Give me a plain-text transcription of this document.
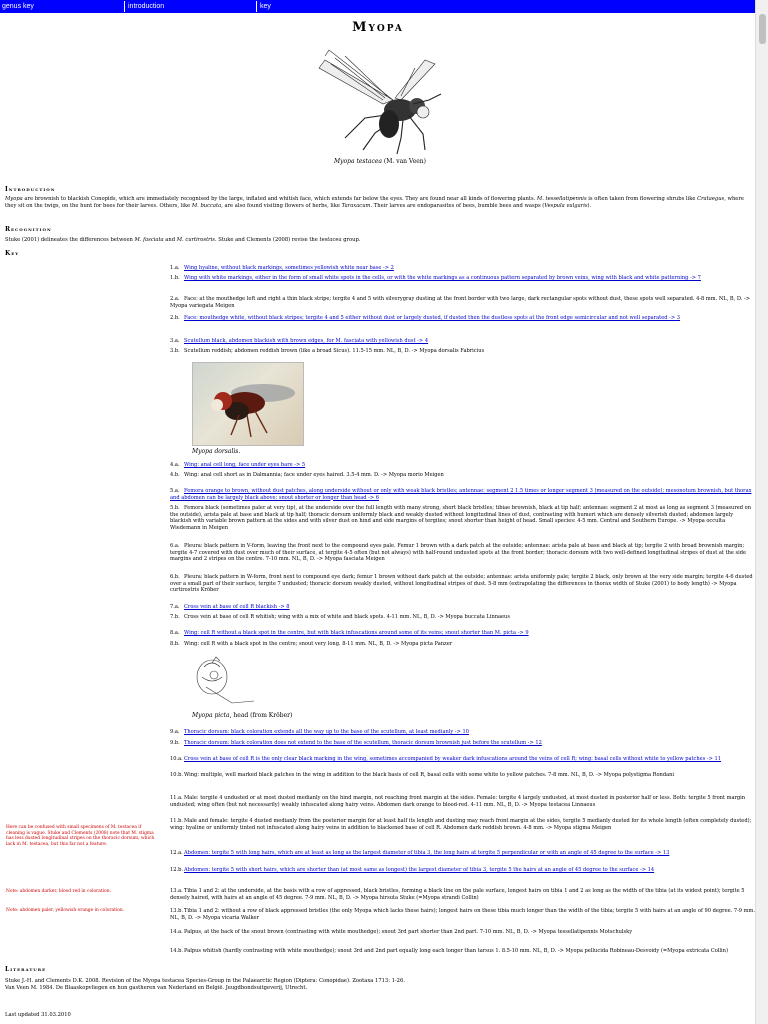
genus key	introduction	key
Myopa
Myopa testacea (M. van Veen)
Introduction
Myopa are brownish to blackish Conopids, which are immediately recognised by the large, inflated and whitish face, which extends far below the eyes. They are found near all kinds of flowering plants. M. tessellatipennis is often taken from flowering shrubs like Crataegus, where they sit on the twigs, on the hunt for bees for their larves. Others, like M. buccata, are also found visiting flowers of herbs, like Taraxacum. Their larves are endoparasites of bees, bumble bees and wasps (Vespula vulgaris).
Recognition
Stuke (2001) delineates the differences between M. fasciata and M. curtirostris. Stuke and Clements (2008) revise the testacea group.
Key
1.a. Wing hyaline, without black markings, sometimes yellowish white near base -> 2
1.b. Wing with white markings, either in the form of small white spots in the cells, or with the white markings as a continuous pattern separated by brown veins, wing with black and white patterning -> 7
2.a. Face: at the mouthedge left and right a thin black stripe; tergite 4 and 5 with silverygray dusting at the front border with two large, dark rectangular spots without dust, these spots well separated. 4-8 mm. NL, B, D. -> Myopa variegata Meigen
2.b. Face: mouthedge white, without black stripes; tergite 4 and 5 either without dust or largely dusted, if dusted then the dustless spots at the front edge semicircular and not well separated -> 3
3.a. Scutellum black, abdomen blackish with brown edges, for M. fasciata with yellowish dust -> 4
3.b. Scutellum reddish; abdomen reddish brown (like a broad Sicus). 11.5-15 mm. NL, B, D. -> Myopa dorsalis Fabricius
Myopa dorsalis.
4.a. Wing: anal cell long, face under eyes bare -> 5
4.b. Wing: anal cell short as in Dalmannia; face under eyes haired. 3.5-4 mm. D. -> Myopa morio Meigen
5.a. Femora orange to brown, without dust patches, along underside without or only with weak black bristles; antennae: segment 2 1.5 times or longer segment 3 (measured on the outside); mesonotum brownish, but thorax and abdomen can be largely black above; snout shorter or longer than head -> 6
5.b. Femora black (sometimes paler at very tip), at the underside over the full length with many strong, short black bristles; tibiae brownish, black at tip half; antennae: segment 2 at most as long as segment 3 (measured on the outside), arista pale at base and black at tip half; thoracic dorsum uniformly black and weakly dusted without longitudinal lines of dust, contrasting with humeri which are densely silverish dusted; abdomen largely blackish with variable brown pattern at the sides and with silver dust on hind and side margins of tergites; snout shorter than height of head. Small species: 4-5 mm. Central and Southern Europe. -> Myopa occulta Wiedemann in Meigen
6.a. Pleura: black pattern in V-form, leaving the front next to the compound eyes pale. Femur 1 brown with a dark patch at the outside; antennae: arista pale at base and black at tip; tergite 2 with broad brownish margin; tergite 4-7 covered with dust over much of their surface, at tergite 4-5 often (but not always) with half-round undusted spots at the front border; thoracic dorsum with two well-defined longitudinal stripes of dust at the side margins and 2 stripes on the centre. 7-10 mm. NL, B, D. -> Myopa fasciata Meigen
6.b. Pleura: black pattern in W-form, front next to compound eye dark; femur 1 brown without dark patch at the outside; antennae: arista uniformly pale; tergite 2 black, only brown at the very side margin; tergite 4-6 dusted over a small part of their surface, tergite 7 undusted; thoracic dorsum weakly dusted, without longitudinal stripes of dust. 5-8 mm (extrapolating the differences in thorax width of Stuke (2001) to body length) -> Myopa curtirostris Kröber
7.a. Cross vein at base of cell R blackish -> 8
7.b. Cross vein at base of cell R whitish; wing with a mix of white and black spots. 4-11 mm. NL, B, D. -> Myopa buccata Linnaeus
8.a. Wing: cell R without a black spot in the centre, but with black infuscations around some of its veins; snout shorter than M. picta -> 9
8.b. Wing: cell R with a black spot in the centre; snout very long. 8-11 mm. NL, B, D. -> Myopa picta Panzer
Myopa picta, head (from Kröber)
9.a. Thoracic dorsum: black coloration extends all the way up to the base of the scutellum, at least medianly -> 10
9.b. Thoracic dorsum: black coloration does not extend to the base of the scutellum, thoracic dorsum brownish just before the scutellum -> 12
10.a.Cross vein at base of cell R is the only clear black marking in the wing, sometimes accompanied by weaker dark infuscations around the veins of cell R; wing: basal cells without white to yellow patches -> 11
10.b.Wing: multiple, well marked black patches in the wing in addition to the black basis of cell R, basal cells with some white to yellow patches. 7-8 mm. NL, B, D. -> Myopa polystigma Rondani
11.a.Male: tergite 4 undusted or at most dusted medianly on the hind margin, not reaching front margin at the sides. Female: tergite 4 largely undusted, at most dusted in posterior half or less. Both: tergite 5 front margin undusted; wing often (but not necessarily) weakly infuscated along hairy veins. Abdomen dark orange to blood-red. 4-11 mm. NL, B, D. -> Myopa testacea Linnaeus
11.b.Male and female: tergite 4 dusted medianly from the posterior margin for at least half its length and dusting may reach front margin at the sides, tergite 5 medianly dusted for its whole length (often completely dusted); wing: hyaline or uniformly tinted not infuscated along hairy veins in addition to blackened base of cell R. Abdomen dark reddish brown. 4-8 mm. -> Myopa stigma Meigen
Here can be confused with small specimens of M. testacea if cleaning is vague. Stuke and Clements (2008) note that M. stigma has less dusted longitudinal stripes on the thoracic dorsum, which lack in M. testacea, but this far not a feature.
12.a.Abdomen: tergite 5 with long hairs, which are at least as long as the largest diameter of tibia 3, the long hairs at tergite 5 perpendicular or with an angle of 45 degree to the surface -> 13
12.b.Abdomen: tergite 5 with short hairs, which are shorter than (at most same as longest) the largest diameter of tibia 3, tergite 5 the hairs at an angle of 45 degree to the surface -> 14
Note: abdomen darker, blood red in coloration.	13.a.Tibia 1 and 2: at the underside, at the basis with a row of appressed, black bristles, forming a black line on the pale surface, longest hairs on tibia 1 and 2 as long as the width of the tibia (at its widest point); tergite 5 densely haired, with hairs at an angle of 45 degree. 7-9 mm. NL, B, D. -> Myopa hirsuta Stuke (=Myopa strandi Collin)
Note: abdomen paler, yellowish orange in coloration.	13.b.Tibia 1 and 2: without a row of black appressed bristles (the only Myopa which lacks these hairs); longest hairs on these tibia much longer than the width of the tibia; tergite 5 with hairs at an angle of 90 degree. 7-9 mm. NL, B, D. -> Myopa vicaria Walker
14.a.Palpus, at the back of the snout brown (contrasting with white mouthedge); snout 3rd part shorter than 2nd part. 7-10 mm. NL, B, D. -> Myopa tessellatipennis Motschulsky
14.b.Palpus whitish (hardly contrasting with white mouthedge); snout 3rd and 2nd part equally long each longer than tarsus 1. 8.5-10 mm. NL, B, D. -> Myopa pellucida Robineau-Desvoidy (=Myopa extricata Collin)
Literature
Stuke J.-H. and Clements D.K. 2008. Revision of the Myopa testacea Species-Group in the Palaearctic Region (Diptera: Conopidae). Zootaxa 1713: 1-26.
Van Veen M. 1984. De Blaaskopvliegen en hun gastheren van Nederland en België. Jeugdbondsuitgeverij, Utrecht.
Last updated 31.03.2010
